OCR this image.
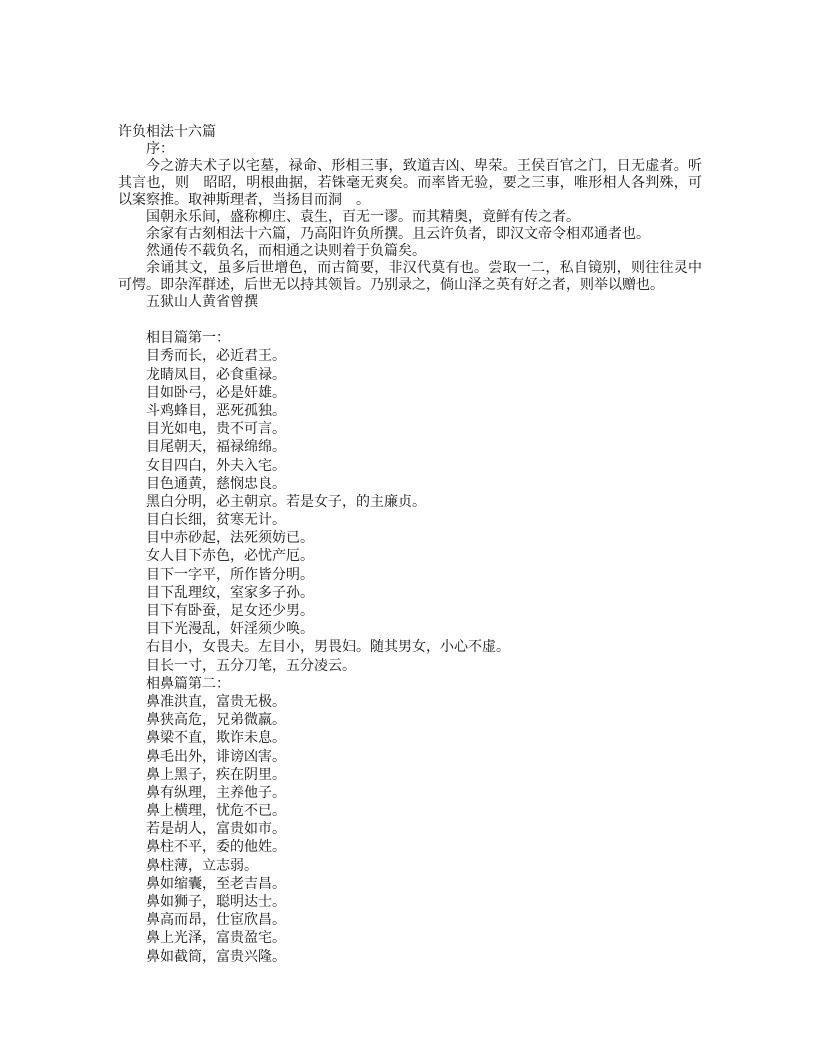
许负相法十六篇
序：
今之游夫术子以宅墓，禄命、形相三事，致道吉凶、卑荣。王侯百官之门，日无虚者。听
其言也，则　昭昭，明根曲据，若铢毫无爽矣。而率皆无验，要之三事，唯形相人各判殊，可
以案察推。取神斯理者，当扬目而洞　。
国朝永乐间，盛称柳庄、袁生，百无一谬。而其精奥，竟鲜有传之者。
余家有古刻相法十六篇，乃高阳许负所撰。且云许负者，即汉文帝令相邓通者也。
然通传不载负名，而相通之诀则着于负篇矣。
余诵其文，虽多后世增色，而古简要，非汉代莫有也。尝取一二，私自镜别，则往往灵中
可愕。即杂浑群述，后世无以持其领旨。乃别录之，倘山泽之英有好之者，则举以赠也。
五狱山人黄省曾撰
相目篇第一：
目秀而长，必近君王。
龙睛凤目，必食重禄。
目如卧弓，必是奸雄。
斗鸡蜂目，恶死孤独。
目光如电，贵不可言。
目尾朝天，福禄绵绵。
女目四白，外夫入宅。
目色通黄，慈悯忠良。
黑白分明，必主朝京。若是女子，的主廉贞。
目白长细，贫寒无计。
目中赤砂起，法死须妨已。
女人目下赤色，必忧产厄。
目下一字平，所作皆分明。
目下乱理纹，室家多子孙。
目下有卧蚕，足女还少男。
目下光漫乱，奸淫须少唤。
右目小，女畏夫。左目小，男畏妇。随其男女，小心不虚。
目长一寸，五分刀笔，五分凌云。
相鼻篇第二：
鼻准洪直，富贵无极。
鼻狭高危，兄弟微羸。
鼻梁不直，欺诈未息。
鼻毛出外，诽谤凶害。
鼻上黑子，疾在阴里。
鼻有纵理，主养他子。
鼻上横理，忧危不已。
若是胡人，富贵如市。
鼻柱不平，委的他姓。
鼻柱薄，立志弱。
鼻如缩囊，至老吉昌。
鼻如狮子，聪明达士。
鼻高而昂，仕宦欣昌。
鼻上光泽，富贵盈宅。
鼻如截筒，富贵兴隆。
